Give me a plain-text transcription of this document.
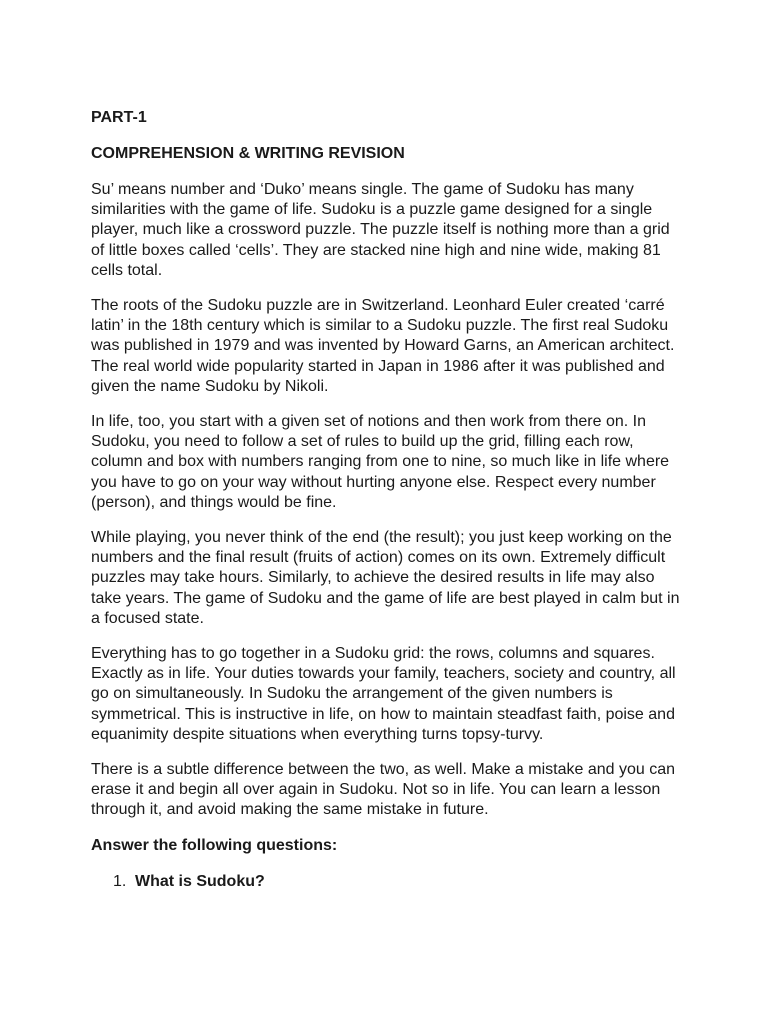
PART-1
COMPREHENSION & WRITING REVISION

Su’ means number and ‘Duko’ means single. The game of Sudoku has many similarities with the game of life. Sudoku is a puzzle game designed for a single player, much like a crossword puzzle. The puzzle itself is nothing more than a grid of little boxes called ‘cells’. They are stacked nine high and nine wide, making 81 cells total.

The roots of the Sudoku puzzle are in Switzerland. Leonhard Euler created ‘carré latin’ in the 18th century which is similar to a Sudoku puzzle. The first real Sudoku was published in 1979 and was invented by Howard Garns, an American architect. The real world wide popularity started in Japan in 1986 after it was published and given the name Sudoku by Nikoli.

In life, too, you start with a given set of notions and then work from there on. In Sudoku, you need to follow a set of rules to build up the grid, filling each row, column and box with numbers ranging from one to nine, so much like in life where you have to go on your way without hurting anyone else. Respect every number (person), and things would be fine.

While playing, you never think of the end (the result); you just keep working on the numbers and the final result (fruits of action) comes on its own. Extremely difficult puzzles may take hours. Similarly, to achieve the desired results in life may also take years. The game of Sudoku and the game of life are best played in calm but in a focused state.

Everything has to go together in a Sudoku grid: the rows, columns and squares. Exactly as in life. Your duties towards your family, teachers, society and country, all go on simultaneously. In Sudoku the arrangement of the given numbers is symmetrical. This is instructive in life, on how to maintain steadfast faith, poise and equanimity despite situations when everything turns topsy-turvy.

There is a subtle difference between the two, as well. Make a mistake and you can erase it and begin all over again in Sudoku. Not so in life. You can learn a lesson through it, and avoid making the same mistake in future.

Answer the following questions:
1. What is Sudoku?
